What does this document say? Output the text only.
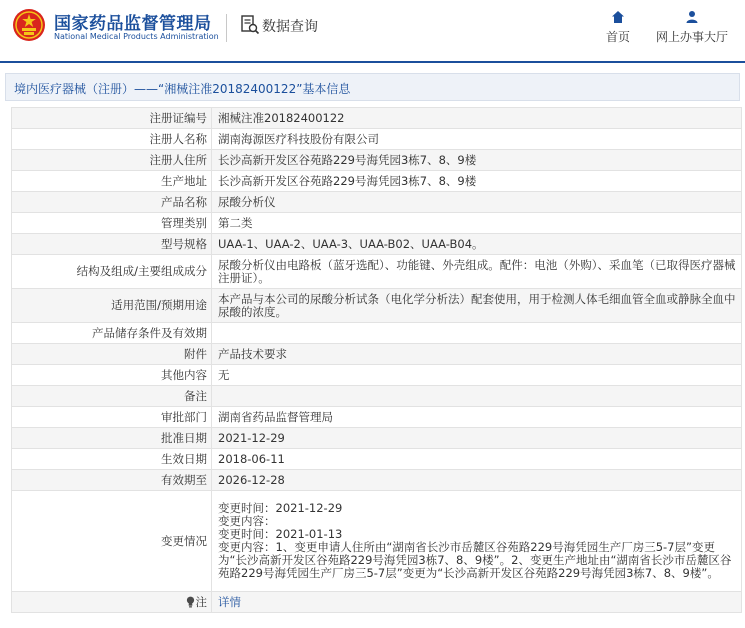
国家药品监督管理局
National Medical Products Administration
数据查询
首页	网上办事大厅
境内医疗器械（注册）——“湘械注准20182400122”基本信息
注册证编号	湘械注准20182400122
注册人名称	湖南海源医疗科技股份有限公司
注册人住所	长沙高新开发区谷苑路229号海凭园3栋7、8、9楼
生产地址	长沙高新开发区谷苑路229号海凭园3栋7、8、9楼
产品名称	尿酸分析仪
管理类别	第二类
型号规格	UAA-1、UAA-2、UAA-3、UAA-B02、UAA-B04。
结构及组成/主要组成成分	尿酸分析仪由电路板（蓝牙选配）、功能键、外壳组成。配件：电池（外购）、采血笔（已取得医疗器械注册证）。
适用范围/预期用途	本产品与本公司的尿酸分析试条（电化学分析法）配套使用，用于检测人体毛细血管全血或静脉全血中尿酸的浓度。
产品储存条件及有效期	
附件	产品技术要求
其他内容	无
备注	
审批部门	湖南省药品监督管理局
批准日期	2021-12-29
生效日期	2018-06-11
有效期至	2026-12-28
变更情况	变更时间：2021-12-29
变更内容：
变更时间：2021-01-13
变更内容：1、变更申请人住所由“湖南省长沙市岳麓区谷苑路229号海凭园生产厂房三5-7层”变更为“长沙高新开发区谷苑路229号海凭园3栋7、8、9楼”。2、变更生产地址由“湖南省长沙市岳麓区谷苑路229号海凭园生产厂房三5-7层”变更为“长沙高新开发区谷苑路229号海凭园3栋7、8、9楼”。

注	详情
